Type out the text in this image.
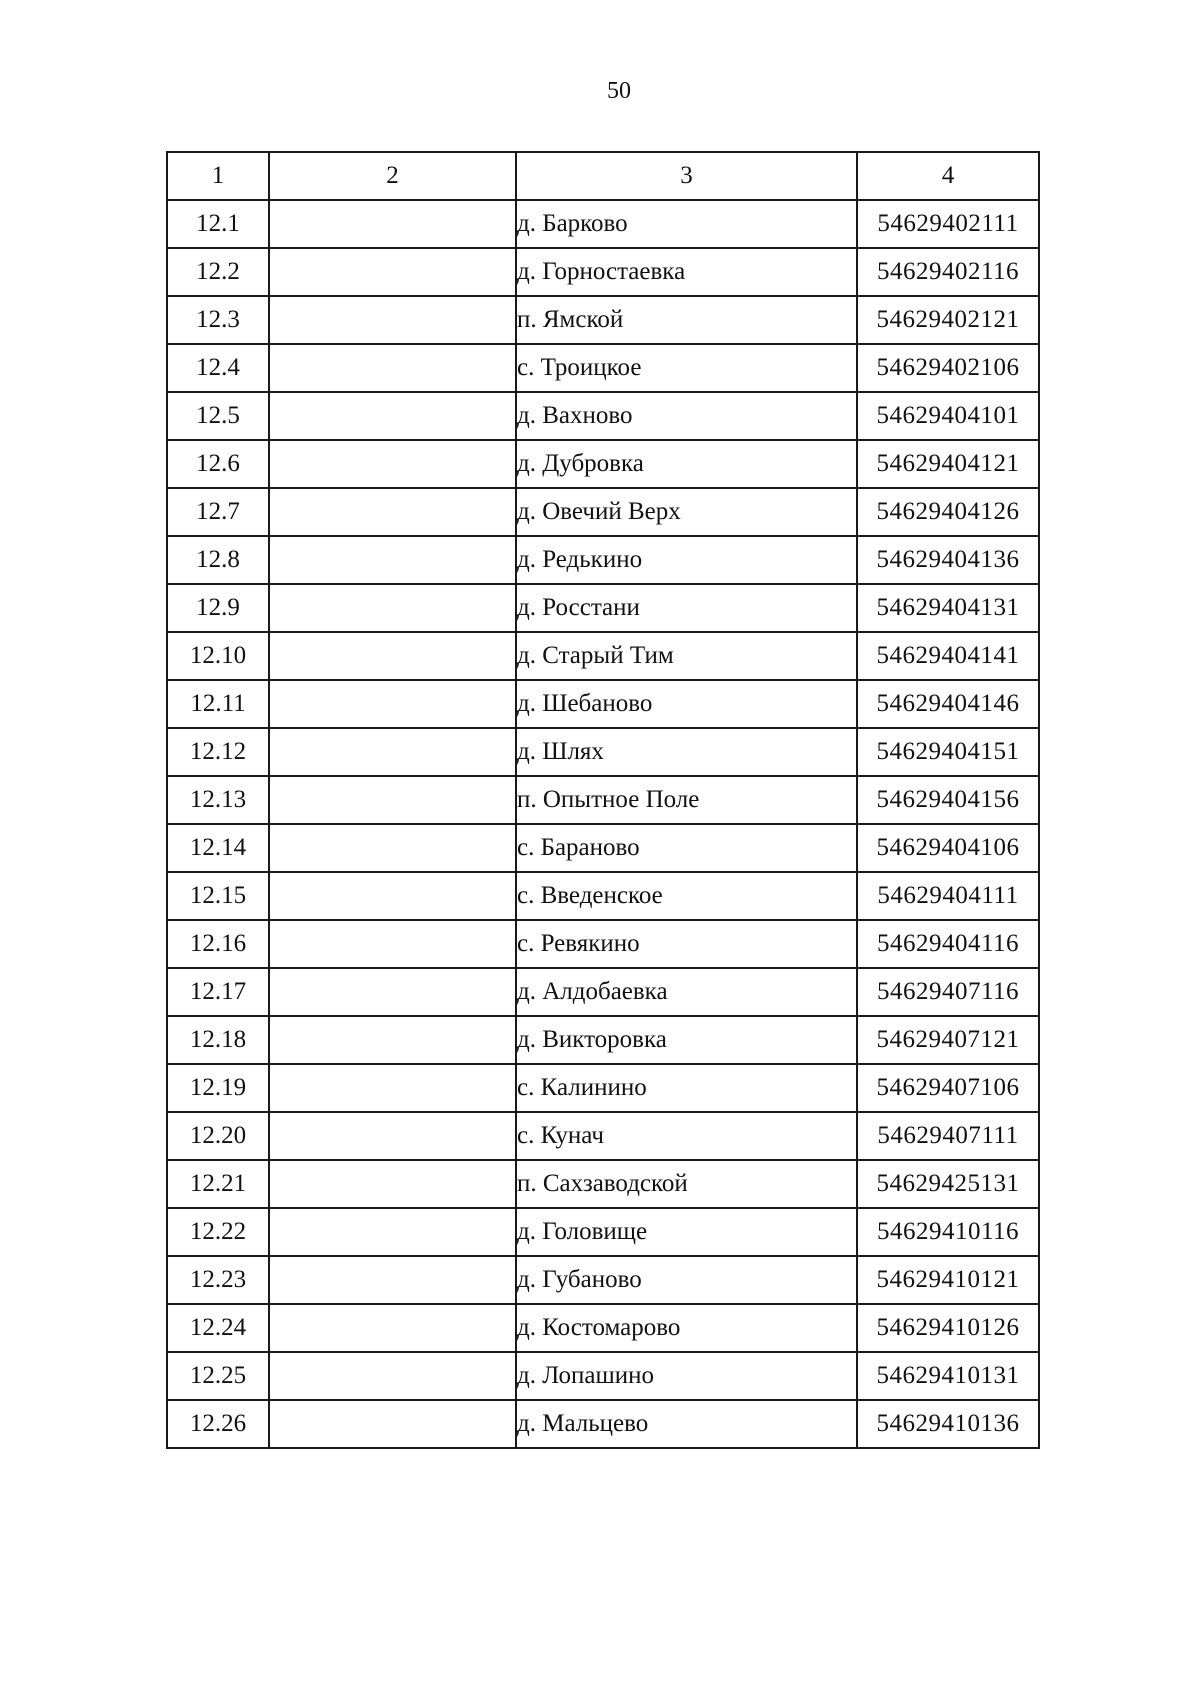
50
1	2	3	4
12.1		д. Барково	54629402111
12.2		д. Горностаевка	54629402116
12.3		п. Ямской	54629402121
12.4		с. Троицкое	54629402106
12.5		д. Вахново	54629404101
12.6		д. Дубровка	54629404121
12.7		д. Овечий Верх	54629404126
12.8		д. Редькино	54629404136
12.9		д. Росстани	54629404131
12.10		д. Старый Тим	54629404141
12.11		д. Шебаново	54629404146
12.12		д. Шлях	54629404151
12.13		п. Опытное Поле	54629404156
12.14		с. Бараново	54629404106
12.15		с. Введенское	54629404111
12.16		с. Ревякино	54629404116
12.17		д. Алдобаевка	54629407116
12.18		д. Викторовка	54629407121
12.19		с. Калинино	54629407106
12.20		с. Кунач	54629407111
12.21		п. Сахзаводской	54629425131
12.22		д. Головище	54629410116
12.23		д. Губаново	54629410121
12.24		д. Костомарово	54629410126
12.25		д. Лопашино	54629410131
12.26		д. Мальцево	54629410136
